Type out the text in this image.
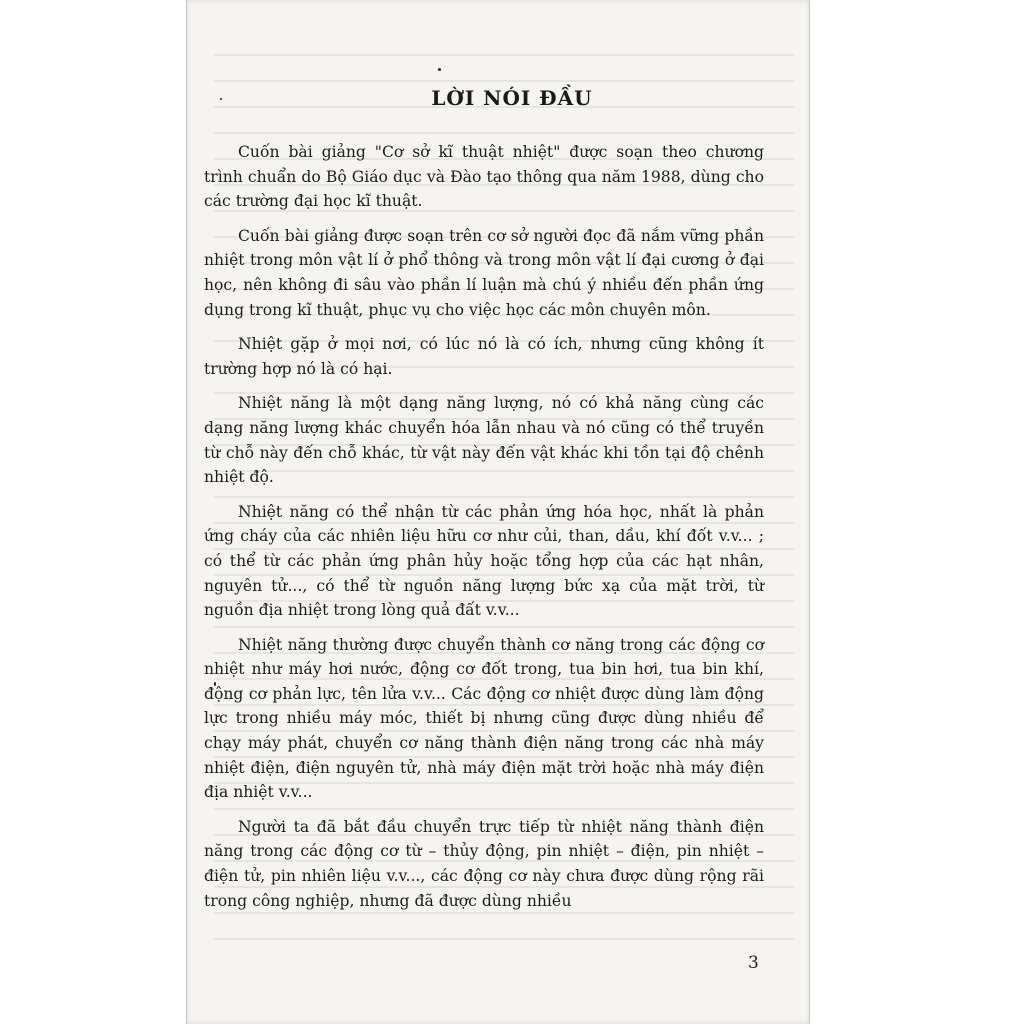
LỜI NÓI ĐẦU

Cuốn bài giảng "Cơ sở kĩ thuật nhiệt" được soạn theo chương trình chuẩn do Bộ Giáo dục và Đào tạo thông qua năm 1988, dùng cho các trường đại học kĩ thuật.

Cuốn bài giảng được soạn trên cơ sở người đọc đã nắm vững phần nhiệt trong môn vật lí ở phổ thông và trong môn vật lí đại cương ở đại học, nên không đi sâu vào phần lí luận mà chú ý nhiều đến phần ứng dụng trong kĩ thuật, phục vụ cho việc học các môn chuyên môn.

Nhiệt gặp ở mọi nơi, có lúc nó là có ích, nhưng cũng không ít trường hợp nó là có hại.

Nhiệt năng là một dạng năng lượng, nó có khả năng cùng các dạng năng lượng khác chuyển hóa lẫn nhau và nó cũng có thể truyền từ chỗ này đến chỗ khác, từ vật này đến vật khác khi tồn tại độ chênh nhiệt độ.

Nhiệt năng có thể nhận từ các phản ứng hóa học, nhất là phản ứng cháy của các nhiên liệu hữu cơ như củi, than, dầu, khí đốt v.v... ; có thể từ các phản ứng phân hủy hoặc tổng hợp của các hạt nhân, nguyên tử..., có thể từ nguồn năng lượng bức xạ của mặt trời, từ nguồn địa nhiệt trong lòng quả đất v.v...

Nhiệt năng thường được chuyển thành cơ năng trong các động cơ nhiệt như máy hơi nước, động cơ đốt trong, tua bin hơi, tua bin khí, động cơ phản lực, tên lửa v.v... Các động cơ nhiệt được dùng làm động lực trong nhiều máy móc, thiết bị nhưng cũng được dùng nhiều để chạy máy phát, chuyển cơ năng thành điện năng trong các nhà máy nhiệt điện, điện nguyên tử, nhà máy điện mặt trời hoặc nhà máy điện địa nhiệt v.v...

Người ta đã bắt đầu chuyển trực tiếp từ nhiệt năng thành điện năng trong các động cơ từ – thủy động, pin nhiệt – điện, pin nhiệt – điện tử, pin nhiên liệu v.v..., các động cơ này chưa được dùng rộng rãi trong công nghiệp, nhưng đã được dùng nhiều

3
